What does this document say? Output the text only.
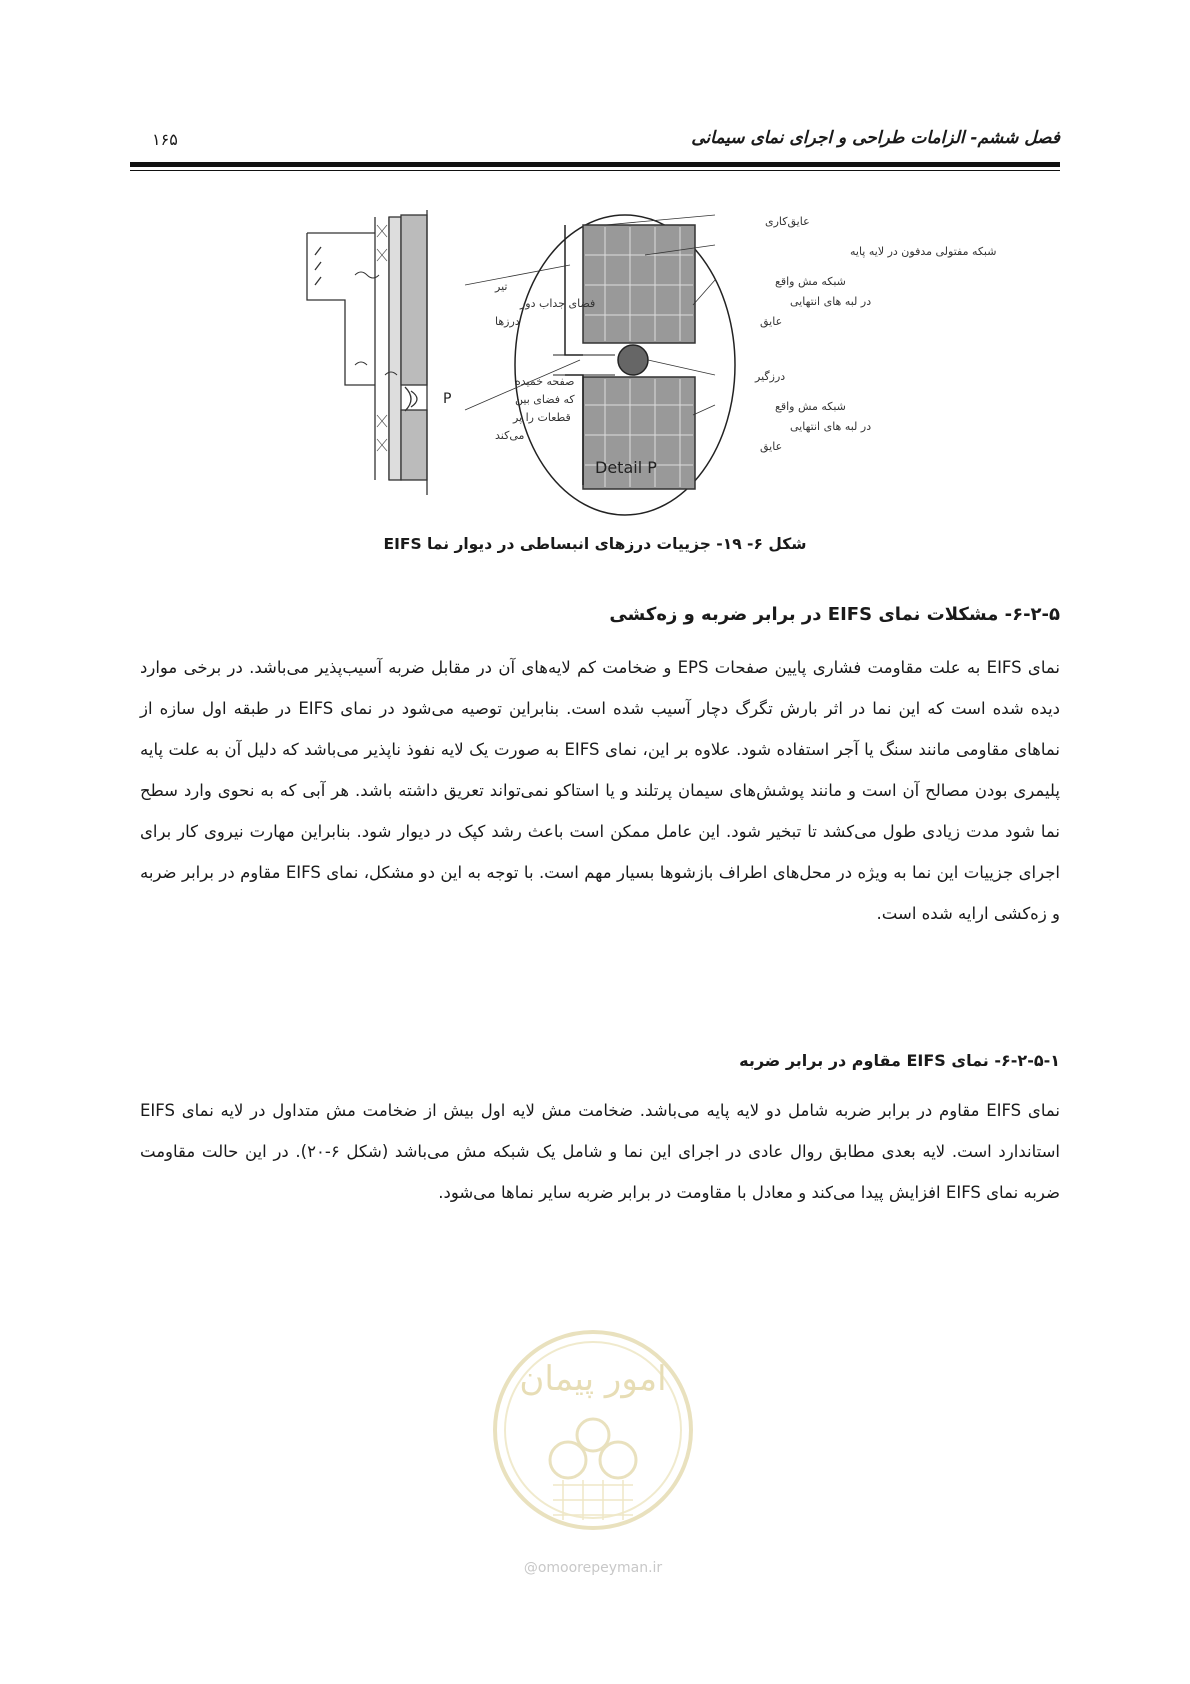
فصل ششم- الزامات طراحی و اجرای نمای سیمانی
۱۶۵
P
عایق‌کاری
شبکه مفتولی مدفون در لایه پایه
شبکه مش واقع
در لبه های انتهایی
عایق
درزگیر
شبکه مش واقع
در لبه های انتهایی
عایق
تیر
فضای جداب دور
درزها
صفحه خمیده
که فضای بین
قطعات را پر
می‌کند
Detail P
شکل ۶- ۱۹- جزییات درزهای انبساطی در دیوار نما EIFS
۶-۲-۵- مشکلات نمای EIFS در برابر ضربه و زه‌کشی

نمای EIFS به علت مقاومت فشاری پایین صفحات EPS و ضخامت کم لایه‌های آن در مقابل ضربه آسیب‌پذیر می‌باشد. در برخی موارد دیده شده است که این نما در اثر بارش تگرگ دچار آسیب شده است. بنابراین توصیه می‌شود در نمای EIFS در طبقه اول سازه از نماهای مقاومی مانند سنگ یا آجر استفاده شود. علاوه بر این، نمای EIFS به صورت یک لایه نفوذ ناپذیر می‌باشد که دلیل آن به علت پایه پلیمری بودن مصالح آن است و مانند پوشش‌های سیمان پرتلند و یا استاکو نمی‌تواند تعریق داشته باشد. هر آبی که به نحوی وارد سطح نما شود مدت زیادی طول می‌کشد تا تبخیر شود. این عامل ممکن است باعث رشد کپک در دیوار شود. بنابراین مهارت نیروی کار برای اجرای جزییات این نما به ویژه در محل‌های اطراف بازشوها بسیار مهم است. با توجه به این دو مشکل، نمای EIFS مقاوم در برابر ضربه و زه‌کشی ارایه شده است.

۶-۲-۵-۱- نمای EIFS مقاوم در برابر ضربه

نمای EIFS مقاوم در برابر ضربه شامل دو لایه پایه می‌باشد. ضخامت مش لایه اول بیش از ضخامت مش متداول در لایه نمای EIFS استاندارد است. لایه بعدی مطابق روال عادی در اجرای این نما و شامل یک شبکه مش می‌باشد (شکل ۶-۲۰). در این حالت مقاومت ضربه نمای EIFS افزایش پیدا می‌کند و معادل با مقاومت در برابر ضربه سایر نماها می‌شود.

امور پیمان
@omoorepeyman.ir
